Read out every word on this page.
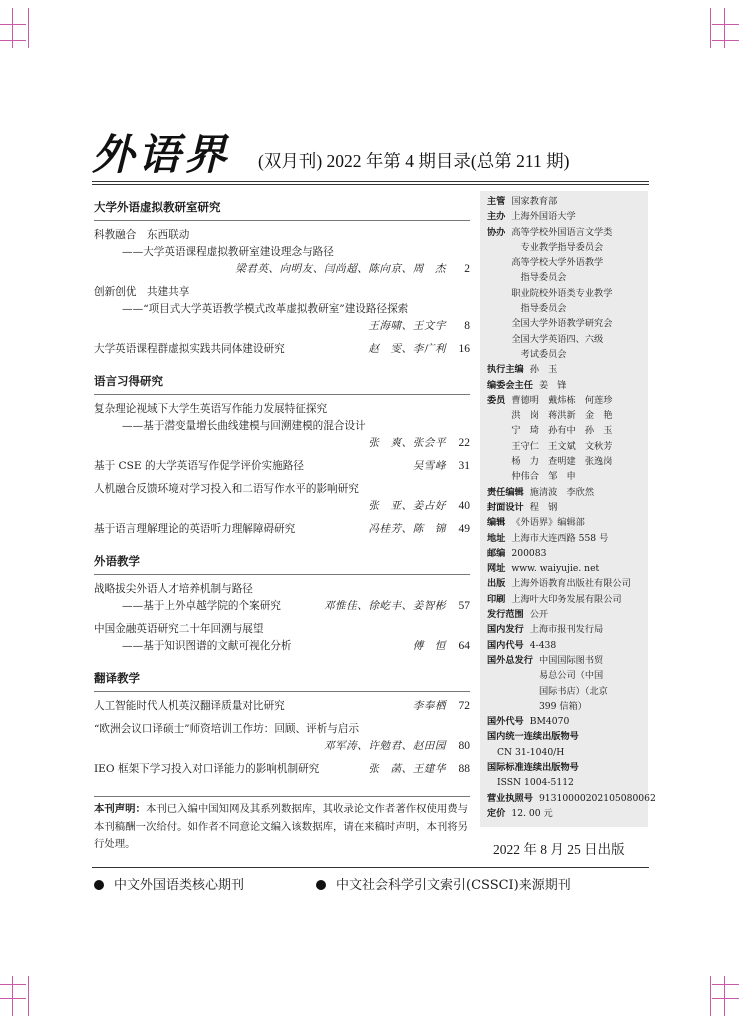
外语界 (双月刊) 2022 年第 4 期目录(总第 211 期)
大学外语虚拟教研室研究
科教融合　东西联动
——大学英语课程虚拟教研室建设理念与路径
梁君英、向明友、闫尚超、陈向京、周　杰	2
创新创优　共建共享
——“项目式大学英语教学模式改革虚拟教研室”建设路径探索
王海啸、王文宇	8
大学英语课程群虚拟实践共同体建设研究	赵　雯、李广利	16
语言习得研究
复杂理论视域下大学生英语写作能力发展特征探究
——基于潜变量增长曲线建模与回溯建模的混合设计
张　爽、张会平	22
基于 CSE 的大学英语写作促学评价实施路径	吴雪峰	31
人机融合反馈环境对学习投入和二语写作水平的影响研究
张　亚、姜占好	40
基于语言理解理论的英语听力理解障碍研究	冯桂芳、陈　锦	49
外语教学
战略拔尖外语人才培养机制与路径
——基于上外卓越学院的个案研究	邓惟佳、徐屹丰、姜智彬	57
中国金融英语研究二十年回溯与展望
——基于知识图谱的文献可视化分析	傅　恒	64
翻译教学
人工智能时代人机英汉翻译质量对比研究	李奉栖	72
“欧洲会议口译硕士”师资培训工作坊：回顾、评析与启示
邓军涛、许勉君、赵田园	80
IEO 框架下学习投入对口译能力的影响机制研究	张　菡、王建华	88
本刊声明：本刊已入编中国知网及其系列数据库，其收录论文作者著作权使用费与本刊稿酬一次给付。如作者不同意论文编入该数据库，请在来稿时声明，本刊将另行处理。
主管 国家教育部
主办 上海外国语大学
协办 高等学校外国语言文学类
　专业教学指导委员会
高等学校大学外语教学
　指导委员会
职业院校外语类专业教学
　指导委员会
全国大学外语教学研究会
全国大学英语四、六级
　考试委员会
执行主编 孙　玉
编委会主任 姜　锋
委员 曹德明　戴炜栋　何莲珍
洪　岗　蒋洪新　金　艳
宁　琦　孙有中　孙　玉
王守仁　王文斌　文秋芳
杨　力　查明建　张逸岗
仲伟合　邹　申
责任编辑 施清波　李欣然
封面设计 程　钢
编辑 《外语界》编辑部
地址 上海市大连西路 558 号
邮编 200083
网址 www. waiyujie. net
出版 上海外语教育出版社有限公司
印刷 上海叶大印务发展有限公司
发行范围 公开
国内发行 上海市报刊发行局
国内代号 4-438
国外总发行 中国国际图书贸
易总公司（中国
国际书店）（北京
399 信箱）
国外代号 BM4070
国内统一连续出版物号
CN 31-1040/H
国际标准连续出版物号
ISSN 1004-5112
营业执照号 91310000202105080062
定价 12. 00 元
2022 年 8 月 25 日出版
中文外国语类核心期刊	中文社会科学引文索引(CSSCI)来源期刊
